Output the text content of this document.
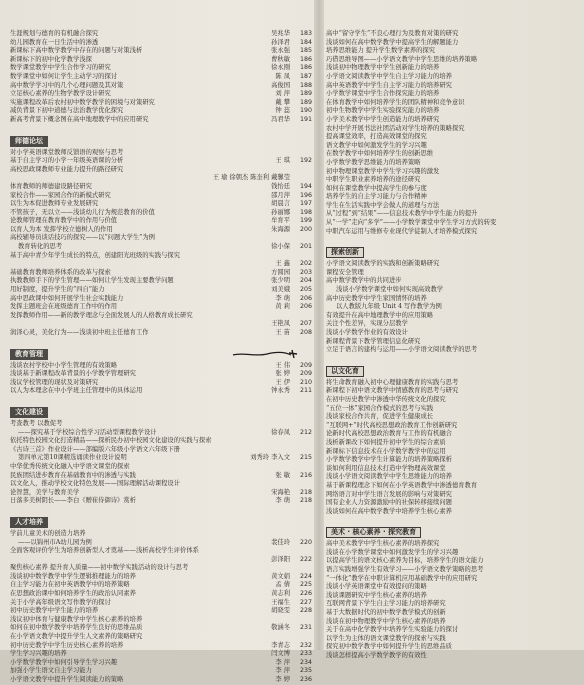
生涯规划与德育的有机融合探究	吴兆华	183
幼儿园教育在一日生活中的渗透	孙泽君	184
新课标下高中数学教学中存在的问题与对策浅析	张永强	185
新课标下的初中化学教学浅探	曹秋敏	186
数学课堂教学中学生合作学习的研究	徐永刚	186
数学课堂中如何让学生主动学习的探讨	陈 凤	187
高中数学学习中的几个心理问题及其对策	高俊国	188
立足核心素养的生物学教学设计研究	刘 萍	189
实施课程改革后农村初中数学教学的困境与对策研究	戴 攀	189
减负背景下初中道德与法治教学优化探究	钟 蕊	190
新高考背景下概念图在高中地理教学中的应用研究	冯君华	191
师德论坛
对小学英语课堂教师反馈语的观察与思考
基于自主学习的小学一年级英语课的分析	王 琪	192
高校思政课教师专业能力提升的路径研究
王 瑜 徐朝杰 陈奎利 戴馨莹
体育教师的师德建设路径研究	钱怡廷	194
家校合作——家园合作的新模式研究	邵月萍	196
以生为本促进教师专业发展研究	胡晨言	197
不管孩子，无以立——浅谈幼儿行为规范教育的价值	孙丽娜	198
论教师管理在教育教学中的作用与价值	牟育平	199
以育人为本 发挥学校立德树人的作用	朱海源	200
高校辅导员谈话技巧的探究——以“问题大学生”为例
教育转化的思考	徐小保	201
基于高中青少年学生成长的特点，创建阳光班级的实践与探究
王 鑫	202
基础教育教师培养体系的改革与探索	方圆园	203
执教教师手下的学生管理——如何让学生发现主要教学问题	张少明	204
用好制度，提升学生的“四自”能力	刘美娥	205
高中思政课中如何开展学生社会实践能力	李 萌	206
发挥主题班会在班级德育工作中的作用	黄 莉	206
发挥教师作用——新的教学理念与全面发展人的人格教育成长研究
王艳凤	207
润泽心灵，美化行为——浅谈初中班主任德育工作	王 苗	208
教育管理
浅谈农村学校中小学生管理的有效策略	王 伟	209
浅谈基于新课程改革背景的小学教学管理研究	张 婷	209
浅议学校管理的现状及对策研究	王 伊	210
以人为本理念在中小学班主任管理中的具体运用	钟永秀	211
文化建设
考查教考 以教促考
——探究基于学校综合性学习活动型课程教学设计	徐春凤	212
依托特色校园文化打造精品——探析民办初中校园文化建设的实践与探索
《古诗三首》作业设计——部编版六年级小学语文六年级下册
第四单元第10课精选诵读作业设计说明	刘秀玲 李入文	215
中华优秀传统文化融入中学语文课堂的探索
民族团结进步教育在基础教育中的渗透与实践	张 敏	216
以文化人，推动学校文化特色发展——国际理解活动课程设计
论智慧，美学与教育美学	宋海艳	218
日落多美树阴长——李白《赠崔侍御诗》赏析	李 萌	218
人才培养
学前儿童美术的创造力培养
——以锦州市A幼儿园为例	裴佳玲	220
全面客观评价学生为培养创新型人才奠基——浅析高校学生评价体系
彭泽阳	222
聚焦核心素养 提升育人质量——初中数学实践活动的设计与思考
浅谈初中数学教学中学生逻辑推理能力的培养	黄文娟	224
自主学习能力在初中英语教学中的培养策略	孟 倩	225
在思想政治课中如何培养学生的政治认同素养	黄志利	226
关于小学高年级语文写作教学的探讨	王福生	227
初中历史教学中学生能力的培养	胡晓雯	228
浅议初中体育与健康教学中学生核心素养的培养
如何在初中数学教学中培养学生良好的思维品质	敬涵冬	231
在小学语文教学中提升学生人文素养的策略研究
初中历史教学中学生历史核心素养的培养	李青志	232
学生学习兴趣的培养	闫文博	233
小学数学教学中如何引导学生学习兴趣	李 萍	234
加强小学生语文自主学习能力	李 萍	235
小学语文教学中提升学生阅读能力的策略	李 婷	236
高中“留守学生”不良心理行为及教育对策的研究
浅谈如何在高中数学教学中提高学生的解题能力
培养思维能力 提升学生数学素养的探究
巧借思维导图——小学语文教学中学生思维的培养策略
浅谈初中物理教学中学生创新能力的培养
小学语文阅读教学中学生自主学习能力的培养
高中英语教学中学生自主学习能力的培养研究
小学数学课堂中学生合作探究能力的培养
在体育教学中如何培养学生的团队精神和竞争意识
初中生物教学中学生实验探究能力的培养
小学美术教学中学生创造能力的培养研究
农村中学开展书法社团活动对学生培养的策略探究
提高课堂效率，打造高效课堂的探究
语文教学中如何激发学生的学习兴趣
在数学教学中如何培养学生的创新思维
小学数学教学思维能力的培养策略
初中物理课堂教学中学生学习兴趣的激发
中职学生职业素养培养的途径研究
如何在课堂教学中提高学生的参与度
培养学生的自主学习能力与合作精神
学生在生活实践中学会做人的道理与方法
从“过程”到“结果”——信息技术教学中学生能力的提升
从“一学”走向“多学”——小学数学课堂中学生学习方式的转变
中职汽车运用与维修专业现代学徒制人才培养模式探究
探索创新
小学语文阅读教学的实践和创新策略研究
课程安全管理
高中数学教学中的共同进步
浅谈小学数学课堂中如何实现高效教学
高中历史教学中学生家国情怀的培养
以人教版九年级 Unit 4 写作教学为例
有效提升在高中地理教学中的应用策略
关注个性差异，实现分层教学
浅谈小学数学作业的有效设计
新课程背景下教学管理信息化研究
立足于语言的建构与运用——小学语文阅读教学的思考
以文化育
将生命教育融入初中心理健康教育的实践与思考
新课程下初中语文教学中情感教育的思考与研究
在初中历史教学中渗透中华传统文化的探究
“五位一体”家园合作模式的思考与实践
浅谈家校合作共育，促进学生健康成长
“互联网+”时代高校思想政治教育工作创新研究
论新时代高校思想政治教育与工作的有机融合
浅析新课改下如何提升初中学生的综合素质
新课标下信息技术在小学数学教学中的运用
小学数学教学中学生计算能力的培养策略探析
谈如何利用信息技术打造中学物理高效课堂
浅谈小学语文阅读教学中学生思维能力的培养
基于新课程理念下如何在小学英语教学中渗透德育教育
网络语言对中学生语言发展的影响与对策研究
国有企业人力资源激励中的社保转移接续问题
浅谈如何在高中数学教学中培养学生核心素养
美术 · 核心素养 · 探究教育
高中美术教学中学生核心素养的培养探究
浅谈在小学数学课堂中如何激发学生的学习兴趣
以提高学生的语文核心素养为目标，培养学生的语文能力
语言实践增强学生有效学习——小学语文教学策略的思考
“一体化”教学在中职计算机应用基础教学中的应用研究
浅谈小学英语课堂中有效提问的策略
浅谈课题研究中学生核心素养的培养
互联网背景下学生自主学习能力的培养研究
基于大数据时代的初中数学教学模式的创新
浅谈在初中物理教学中学生核心素养的培养
关于在高中化学教学中培养学生实验能力的探讨
以学生为主体的语文课堂教学的探索与实践
探究初中数学教学中如何提升学生的思维品质
浅谈怎样提高小学数学教学的有效性
